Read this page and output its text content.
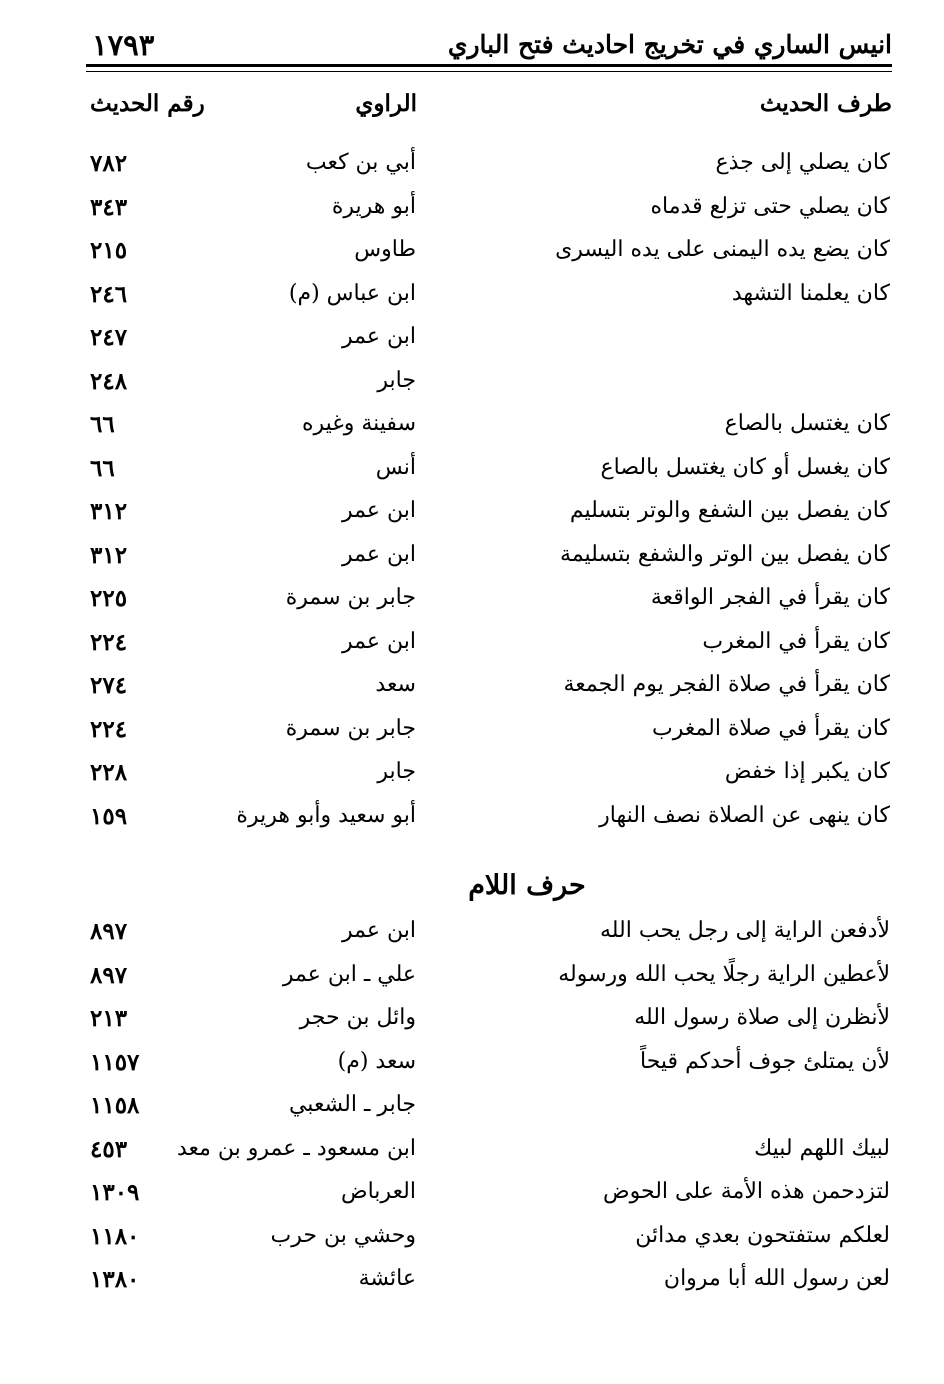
١٧٩٣	انيس الساري في تخريج احاديث فتح الباري
طرف الحديث
الراوي
رقم الحديث
كان يصلي إلى جذع
أبي بن كعب
٧٨٢
كان يصلي حتى تزلع قدماه
أبو هريرة
٣٤٣
كان يضع يده اليمنى على يده اليسرى
طاوس
٢١٥
كان يعلمنا التشهد
ابن عباس (م)
٢٤٦
ابن عمر
٢٤٧
جابر
٢٤٨
كان يغتسل بالصاع
سفينة وغيره
٦٦
كان يغسل أو كان يغتسل بالصاع
أنس
٦٦
كان يفصل بين الشفع والوتر بتسليم
ابن عمر
٣١٢
كان يفصل بين الوتر والشفع بتسليمة
ابن عمر
٣١٢
كان يقرأ في الفجر الواقعة
جابر بن سمرة
٢٢٥
كان يقرأ في المغرب
ابن عمر
٢٢٤
كان يقرأ في صلاة الفجر يوم الجمعة
سعد
٢٧٤
كان يقرأ في صلاة المغرب
جابر بن سمرة
٢٢٤
كان يكبر إذا خفض
جابر
٢٢٨
كان ينهى عن الصلاة نصف النهار
أبو سعيد وأبو هريرة
١٥٩
حرف اللام
لأدفعن الراية إلى رجل يحب الله
ابن عمر
٨٩٧
لأعطين الراية رجلًا يحب الله ورسوله
علي ـ ابن عمر
٨٩٧
لأنظرن إلى صلاة رسول الله
وائل بن حجر
٢١٣
لأن يمتلئ جوف أحدكم قيحاً
سعد (م)
١١٥٧
جابر ـ الشعبي
١١٥٨
لبيك اللهم لبيك
ابن مسعود ـ عمرو بن معد
٤٥٣
لتزدحمن هذه الأمة على الحوض
العرباض
١٣٠٩
لعلكم ستفتحون بعدي مدائن
وحشي بن حرب
١١٨٠
لعن رسول الله أبا مروان
عائشة
١٣٨٠
